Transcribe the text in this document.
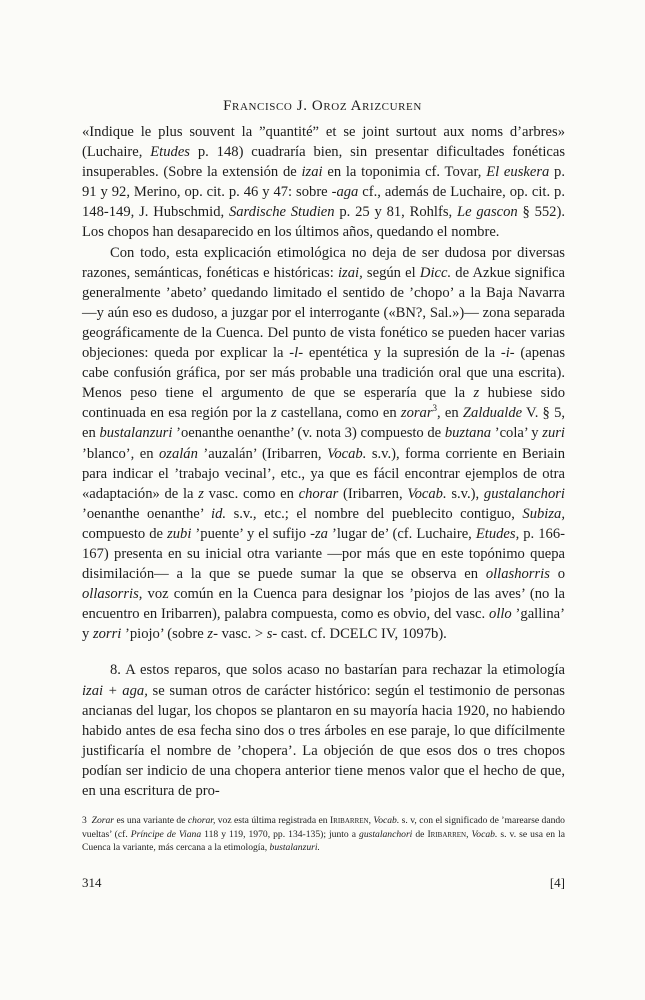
Francisco J. Oroz Arizcuren

«Indique le plus souvent la ”quantité” et se joint surtout aux noms d’arbres» (Luchaire, Etudes p. 148) cuadraría bien, sin presentar dificultades fonéticas insuperables. (Sobre la extensión de izai en la toponimia cf. Tovar, El euskera p. 91 y 92, Merino, op. cit. p. 46 y 47: sobre -aga cf., además de Luchaire, op. cit. p. 148-149, J. Hubschmid, Sardische Studien p. 25 y 81, Rohlfs, Le gascon § 552). Los chopos han desaparecido en los últimos años, quedando el nombre.

Con todo, esta explicación etimológica no deja de ser dudosa por diversas razones, semánticas, fonéticas e históricas: izai, según el Dicc. de Azkue significa generalmente ’abeto’ quedando limitado el sentido de ’chopo’ a la Baja Navarra —y aún eso es dudoso, a juzgar por el interrogante («BN?, Sal.»)— zona separada geográficamente de la Cuenca. Del punto de vista fonético se pueden hacer varias objeciones: queda por explicar la -l- epentética y la supresión de la -i- (apenas cabe confusión gráfica, por ser más probable una tradición oral que una escrita). Menos peso tiene el argumento de que se esperaría que la z hubiese sido continuada en esa región por la z castellana, como en zorar$^3$, en Zaldualde V. § 5, en bustalanzuri ’oenanthe oenanthe’ (v. nota 3) compuesto de buztana ’cola’ y zuri ’blanco’, en ozalán ’auzalán’ (Iribarren, Vocab. s.v.), forma corriente en Beriain para indicar el ’trabajo vecinal’, etc., ya que es fácil encontrar ejemplos de otra «adaptación» de la z vasc. como en chorar (Iribarren, Vocab. s.v.), gustalanchori ’oenanthe oenanthe’ id. s.v., etc.; el nombre del pueblecito contiguo, Subiza, compuesto de zubi ’puente’ y el sufijo -za ’lugar de’ (cf. Luchaire, Etudes, p. 166-167) presenta en su inicial otra variante —por más que en este topónimo quepa disimilación— a la que se puede sumar la que se observa en ollashorris o ollasorris, voz común en la Cuenca para designar los ’piojos de las aves’ (no la encuentro en Iribarren), palabra compuesta, como es obvio, del vasc. ollo ’gallina’ y zorri ’piojo’ (sobre z- vasc. > s- cast. cf. DCELC IV, 1097b).

8. A estos reparos, que solos acaso no bastarían para rechazar la etimología izai + aga, se suman otros de carácter histórico: según el testimonio de personas ancianas del lugar, los chopos se plantaron en su mayoría hacia 1920, no habiendo habido antes de esa fecha sino dos o tres árboles en ese paraje, lo que difícilmente justificaría el nombre de ’chopera’. La objeción de que esos dos o tres chopos podían ser indicio de una chopera anterior tiene menos valor que el hecho de que, en una escritura de pro-

3 Zorar es una variante de chorar, voz esta última registrada en Iribarren, Vocab. s. v, con el significado de ’marearse dando vueltas’ (cf. Príncipe de Viana 118 y 119, 1970, pp. 134-135); junto a gustalanchori de Iribarren, Vocab. s. v. se usa en la Cuenca la variante, más cercana a la etimología, bustalanzuri.
314	[4]
